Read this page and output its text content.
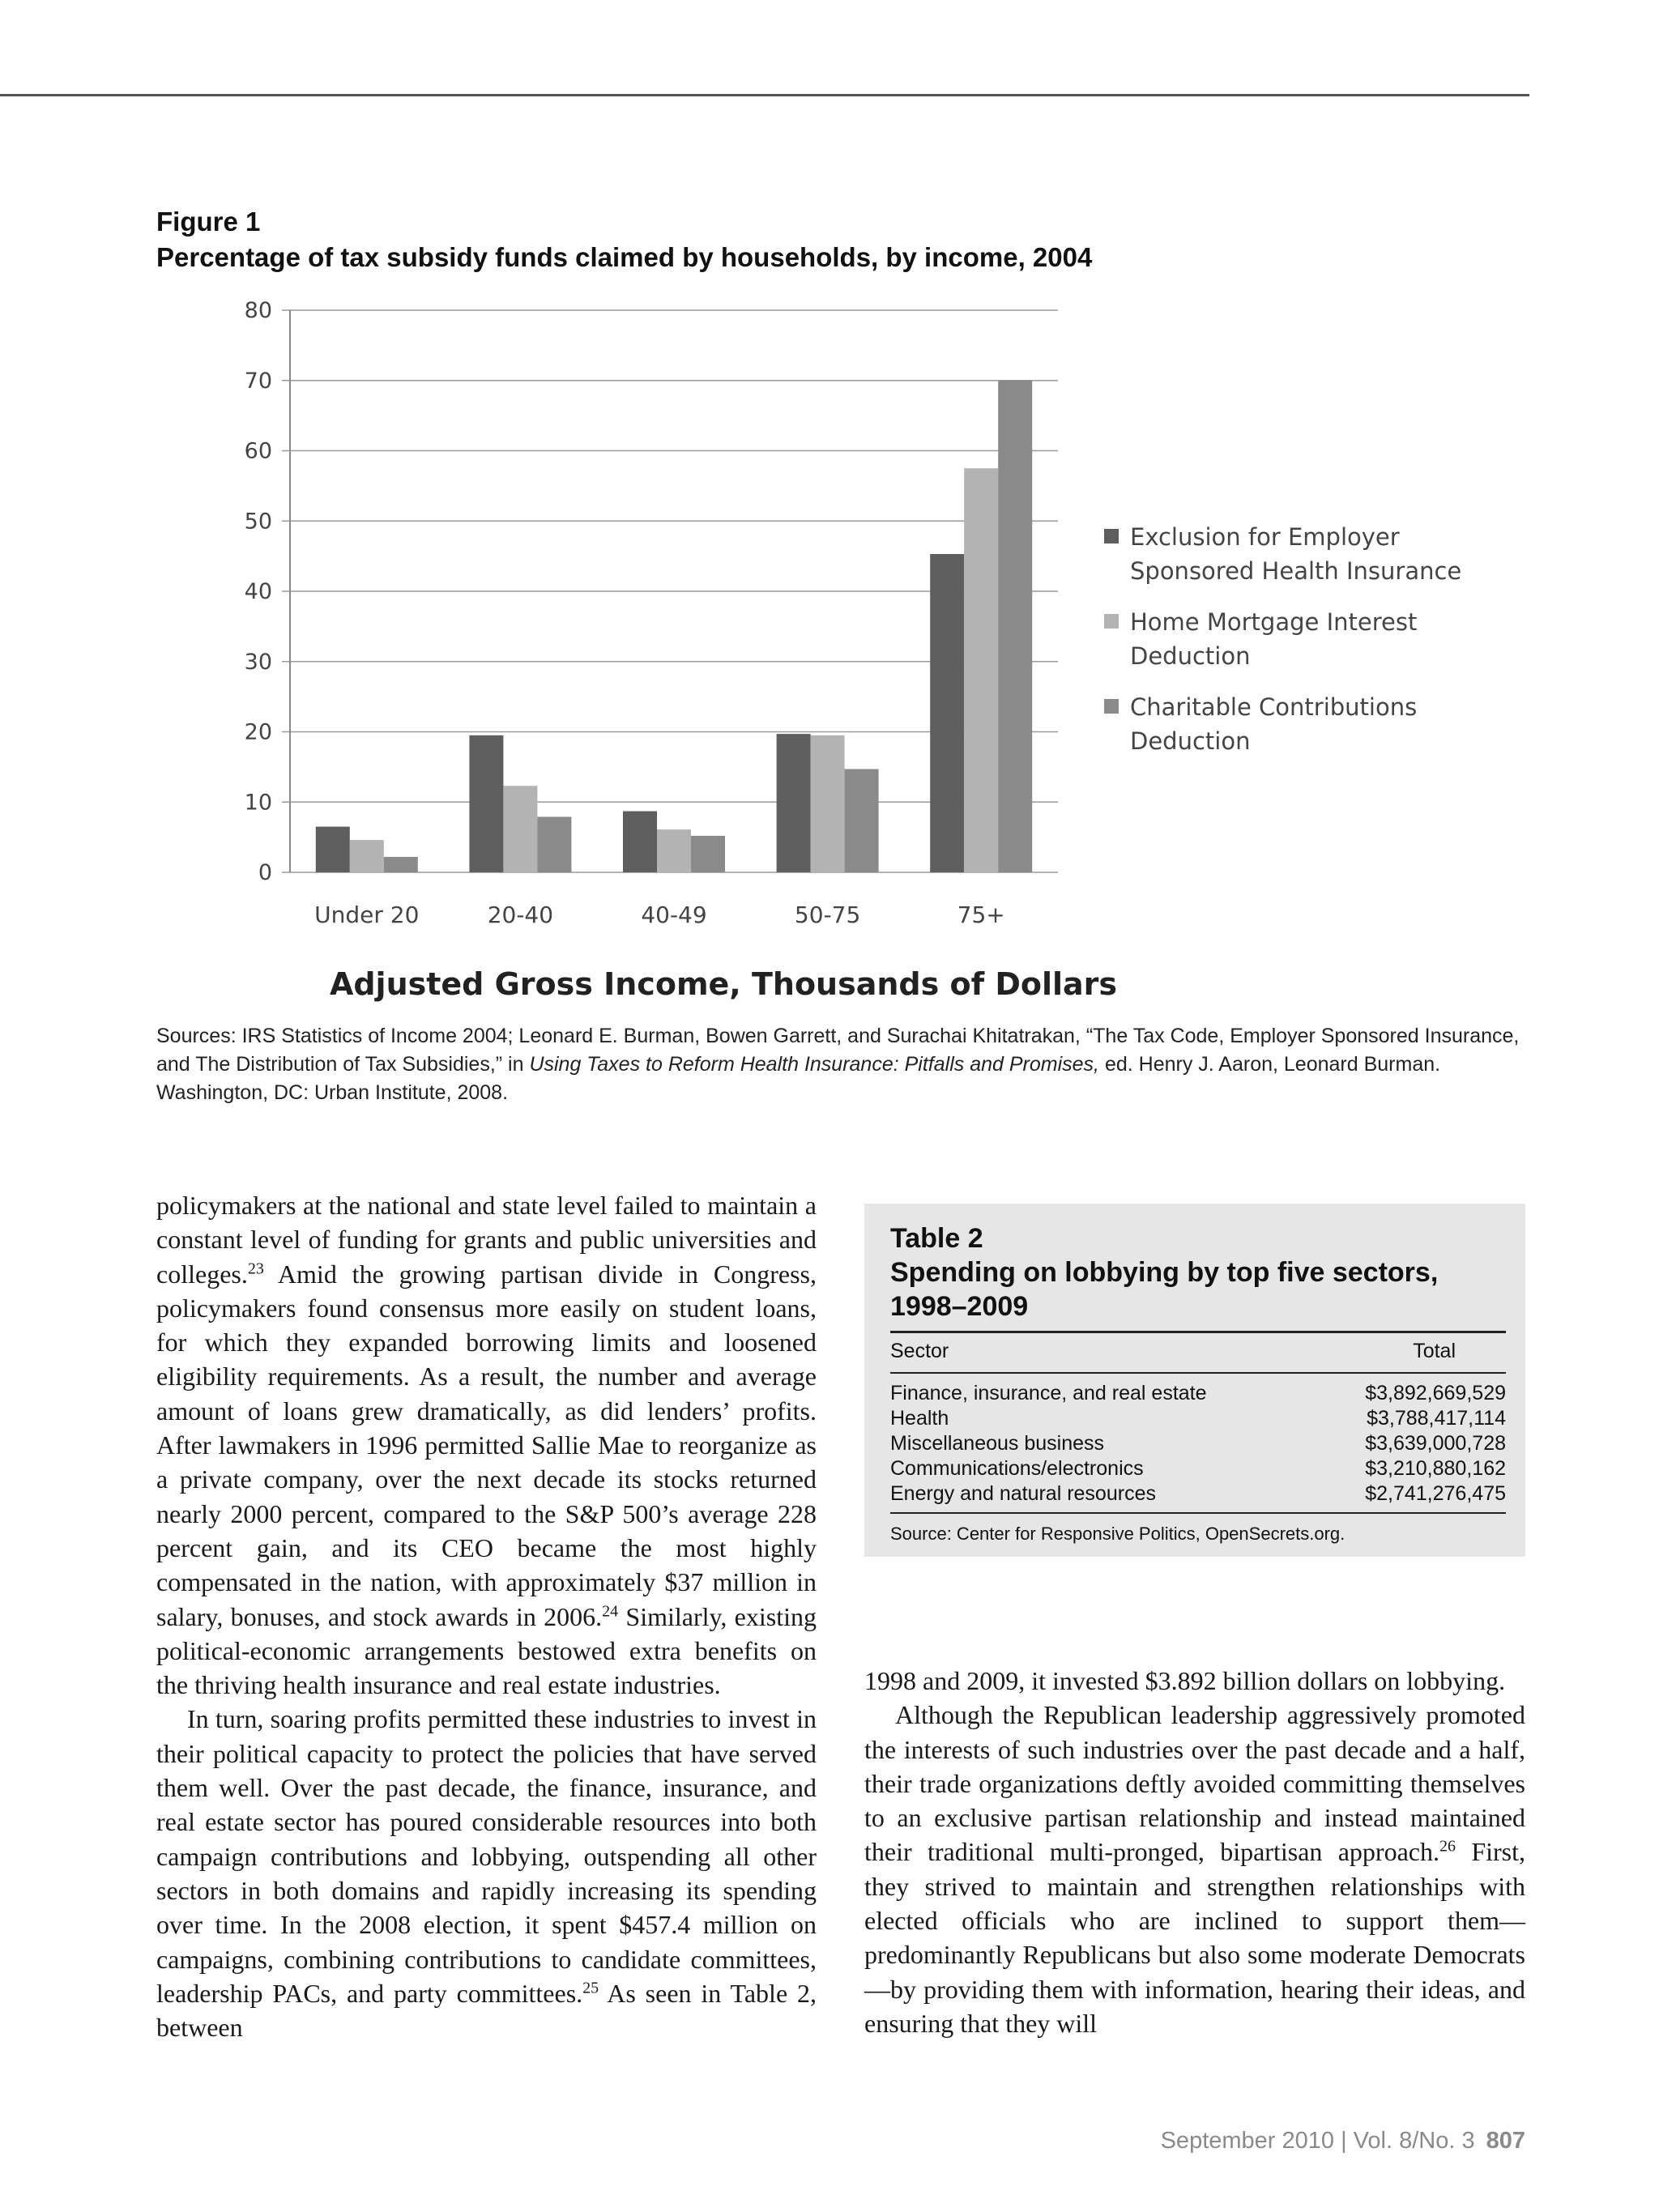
Figure 1
Percentage of tax subsidy funds claimed by households, by income, 2004
0
10
20
30
40
50
60
70
80
Under 20	20-40	40-49	50-75	75+
Exclusion for Employer
Sponsored Health Insurance
Home Mortgage Interest
Deduction
Charitable Contributions
Deduction
Adjusted Gross Income, Thousands of Dollars
Sources: IRS Statistics of Income 2004; Leonard E. Burman, Bowen Garrett, and Surachai Khitatrakan, “The Tax Code, Employer Sponsored Insurance, and The Distribution of Tax Subsidies,” in Using Taxes to Reform Health Insurance: Pitfalls and Promises, ed. Henry J. Aaron, Leonard Burman. Washington, DC: Urban Institute, 2008.

policymakers at the national and state level failed to maintain a constant level of funding for grants and public universities and colleges.$^{23}$ Amid the growing partisan divide in Congress, policymakers found consensus more easily on student loans, for which they expanded borrowing limits and loosened eligibility requirements. As a result, the number and average amount of loans grew dramatically, as did lenders’ profits. After lawmakers in 1996 permitted Sallie Mae to reorganize as a private company, over the next decade its stocks returned nearly 2000 percent, compared to the S&P 500’s average 228 percent gain, and its CEO became the most highly compensated in the nation, with approximately $37 million in salary, bonuses, and stock awards in 2006.24 Similarly, existing political-economic arrangements bestowed extra benefits on the thriving health insurance and real estate industries.

In turn, soaring profits permitted these industries to invest in their political capacity to protect the policies that have served them well. Over the past decade, the finance, insurance, and real estate sector has poured considerable resources into both campaign contributions and lobbying, outspending all other sectors in both domains and rapidly increasing its spending over time. In the 2008 election, it spent $457.4 million on campaigns, combining contributions to candidate committees, leadership PACs, and party committees.$^{25}$ As seen in Table 2, between

Table 2
Spending on lobbying by top five sectors, 1998–2009
Sector	Total
Finance, insurance, and real estate	$3,892,669,529
Health	$3,788,417,114
Miscellaneous business	$3,639,000,728
Communications/electronics	$3,210,880,162
Energy and natural resources	$2,741,276,475
Source: Center for Responsive Politics, OpenSecrets.org.

1998 and 2009, it invested $3.892 billion dollars on lobbying.

Although the Republican leadership aggressively promoted the interests of such industries over the past decade and a half, their trade organizations deftly avoided committing themselves to an exclusive partisan relationship and instead maintained their traditional multi-pronged, bipartisan approach.$^{26}$ First, they strived to maintain and strengthen relationships with elected officials who are inclined to support them—predominantly Republicans but also some moderate Democrats—by providing them with information, hearing their ideas, and ensuring that they will

September 2010 | Vol. 8/No. 3 807
